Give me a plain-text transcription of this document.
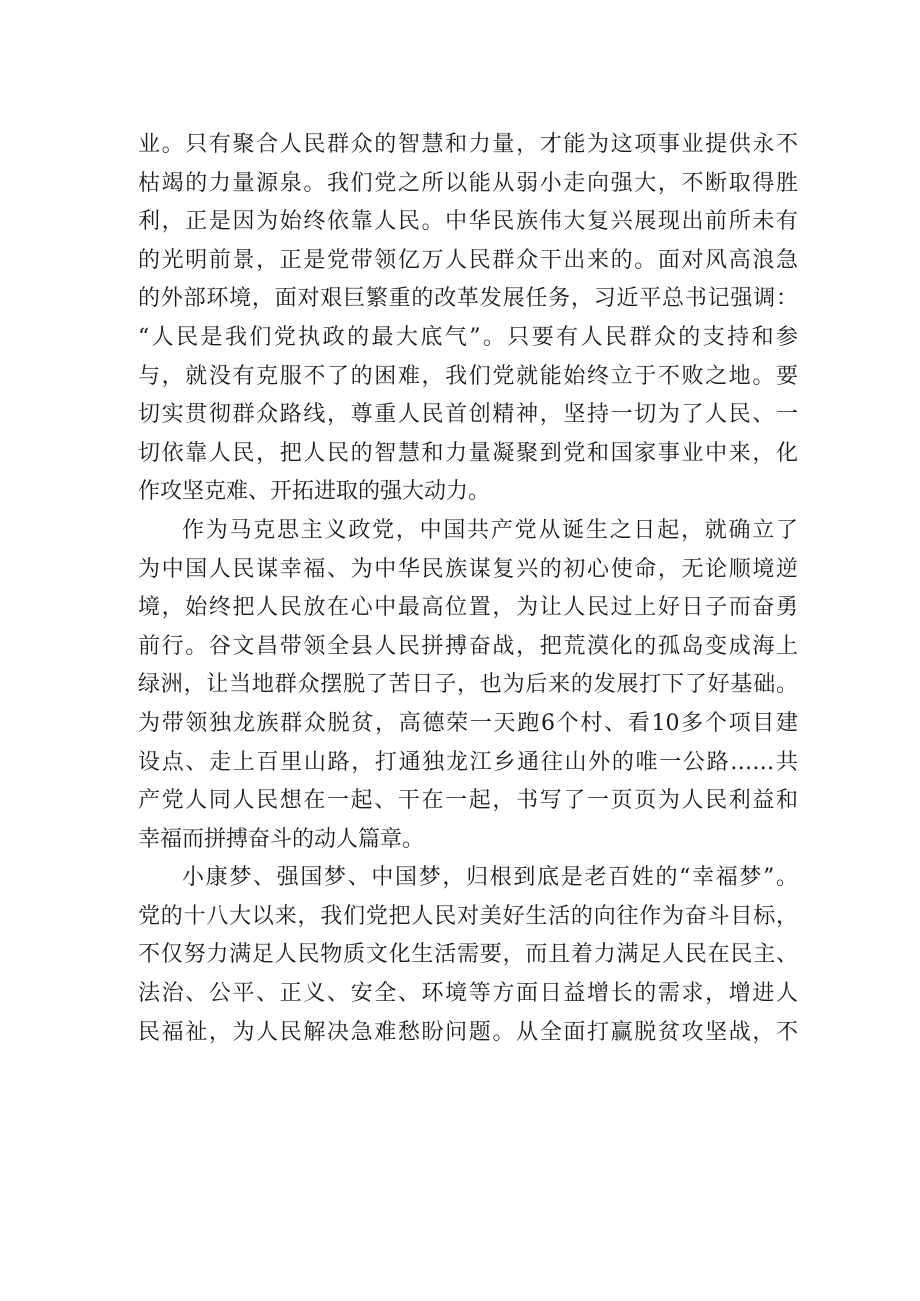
业。只有聚合人民群众的智慧和力量，才能为这项事业提供永不
枯竭的力量源泉。我们党之所以能从弱小走向强大，不断取得胜
利，正是因为始终依靠人民。中华民族伟大复兴展现出前所未有
的光明前景，正是党带领亿万人民群众干出来的。面对风高浪急
的外部环境，面对艰巨繁重的改革发展任务，习近平总书记强调：
“人民是我们党执政的最大底气”。只要有人民群众的支持和参
与，就没有克服不了的困难，我们党就能始终立于不败之地。要
切实贯彻群众路线，尊重人民首创精神，坚持一切为了人民、一
切依靠人民，把人民的智慧和力量凝聚到党和国家事业中来，化
作攻坚克难、开拓进取的强大动力。
作为马克思主义政党，中国共产党从诞生之日起，就确立了
为中国人民谋幸福、为中华民族谋复兴的初心使命，无论顺境逆
境，始终把人民放在心中最高位置，为让人民过上好日子而奋勇
前行。谷文昌带领全县人民拼搏奋战，把荒漠化的孤岛变成海上
绿洲，让当地群众摆脱了苦日子，也为后来的发展打下了好基础。
为带领独龙族群众脱贫，高德荣一天跑6个村、看10多个项目建
设点、走上百里山路，打通独龙江乡通往山外的唯一公路……共
产党人同人民想在一起、干在一起，书写了一页页为人民利益和
幸福而拼搏奋斗的动人篇章。
小康梦、强国梦、中国梦，归根到底是老百姓的“幸福梦”。
党的十八大以来，我们党把人民对美好生活的向往作为奋斗目标，
不仅努力满足人民物质文化生活需要，而且着力满足人民在民主、
法治、公平、正义、安全、环境等方面日益增长的需求，增进人
民福祉，为人民解决急难愁盼问题。从全面打赢脱贫攻坚战，不
